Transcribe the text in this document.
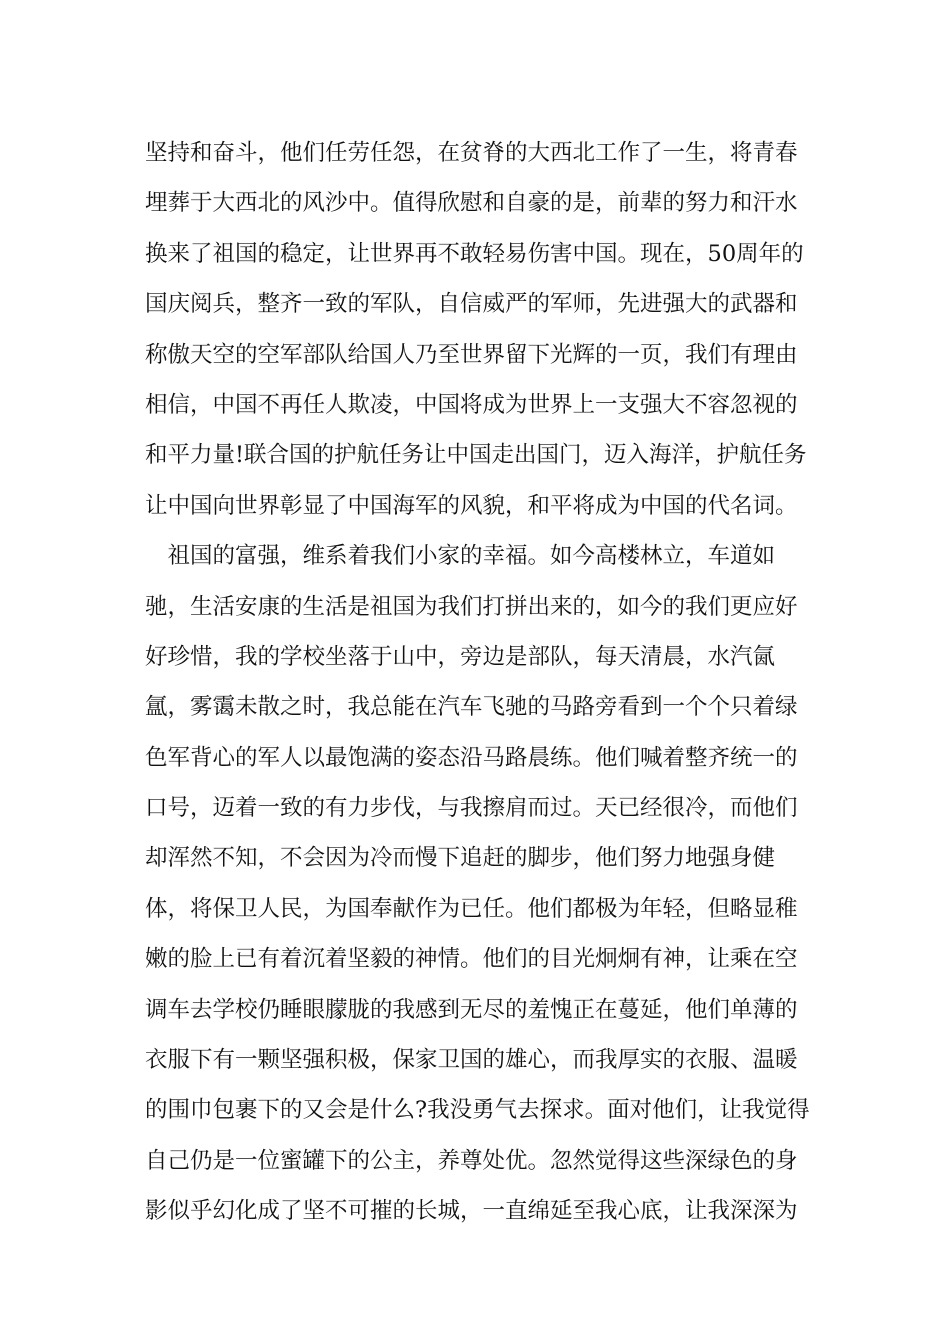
坚持和奋斗，他们任劳任怨，在贫脊的大西北工作了一生，将青春
埋葬于大西北的风沙中。值得欣慰和自豪的是，前辈的努力和汗水
换来了祖国的稳定，让世界再不敢轻易伤害中国。现在，50周年的
国庆阅兵，整齐一致的军队，自信威严的军师，先进强大的武器和
称傲天空的空军部队给国人乃至世界留下光辉的一页，我们有理由
相信，中国不再任人欺凌，中国将成为世界上一支强大不容忽视的
和平力量!联合国的护航任务让中国走出国门，迈入海洋，护航任务
让中国向世界彰显了中国海军的风貌，和平将成为中国的代名词。
　祖国的富强，维系着我们小家的幸福。如今高楼林立，车道如
驰，生活安康的生活是祖国为我们打拼出来的，如今的我们更应好
好珍惜，我的学校坐落于山中，旁边是部队，每天清晨，水汽氤
氲，雾霭未散之时，我总能在汽车飞驰的马路旁看到一个个只着绿
色军背心的军人以最饱满的姿态沿马路晨练。他们喊着整齐统一的
口号，迈着一致的有力步伐，与我擦肩而过。天已经很冷，而他们
却浑然不知，不会因为冷而慢下追赶的脚步，他们努力地强身健
体，将保卫人民，为国奉献作为已任。他们都极为年轻，但略显稚
嫩的脸上已有着沉着坚毅的神情。他们的目光炯炯有神，让乘在空
调车去学校仍睡眼朦胧的我感到无尽的羞愧正在蔓延，他们单薄的
衣服下有一颗坚强积极，保家卫国的雄心，而我厚实的衣服、温暖
的围巾包裹下的又会是什么?我没勇气去探求。面对他们，让我觉得
自己仍是一位蜜罐下的公主，养尊处优。忽然觉得这些深绿色的身
影似乎幻化成了坚不可摧的长城，一直绵延至我心底，让我深深为
